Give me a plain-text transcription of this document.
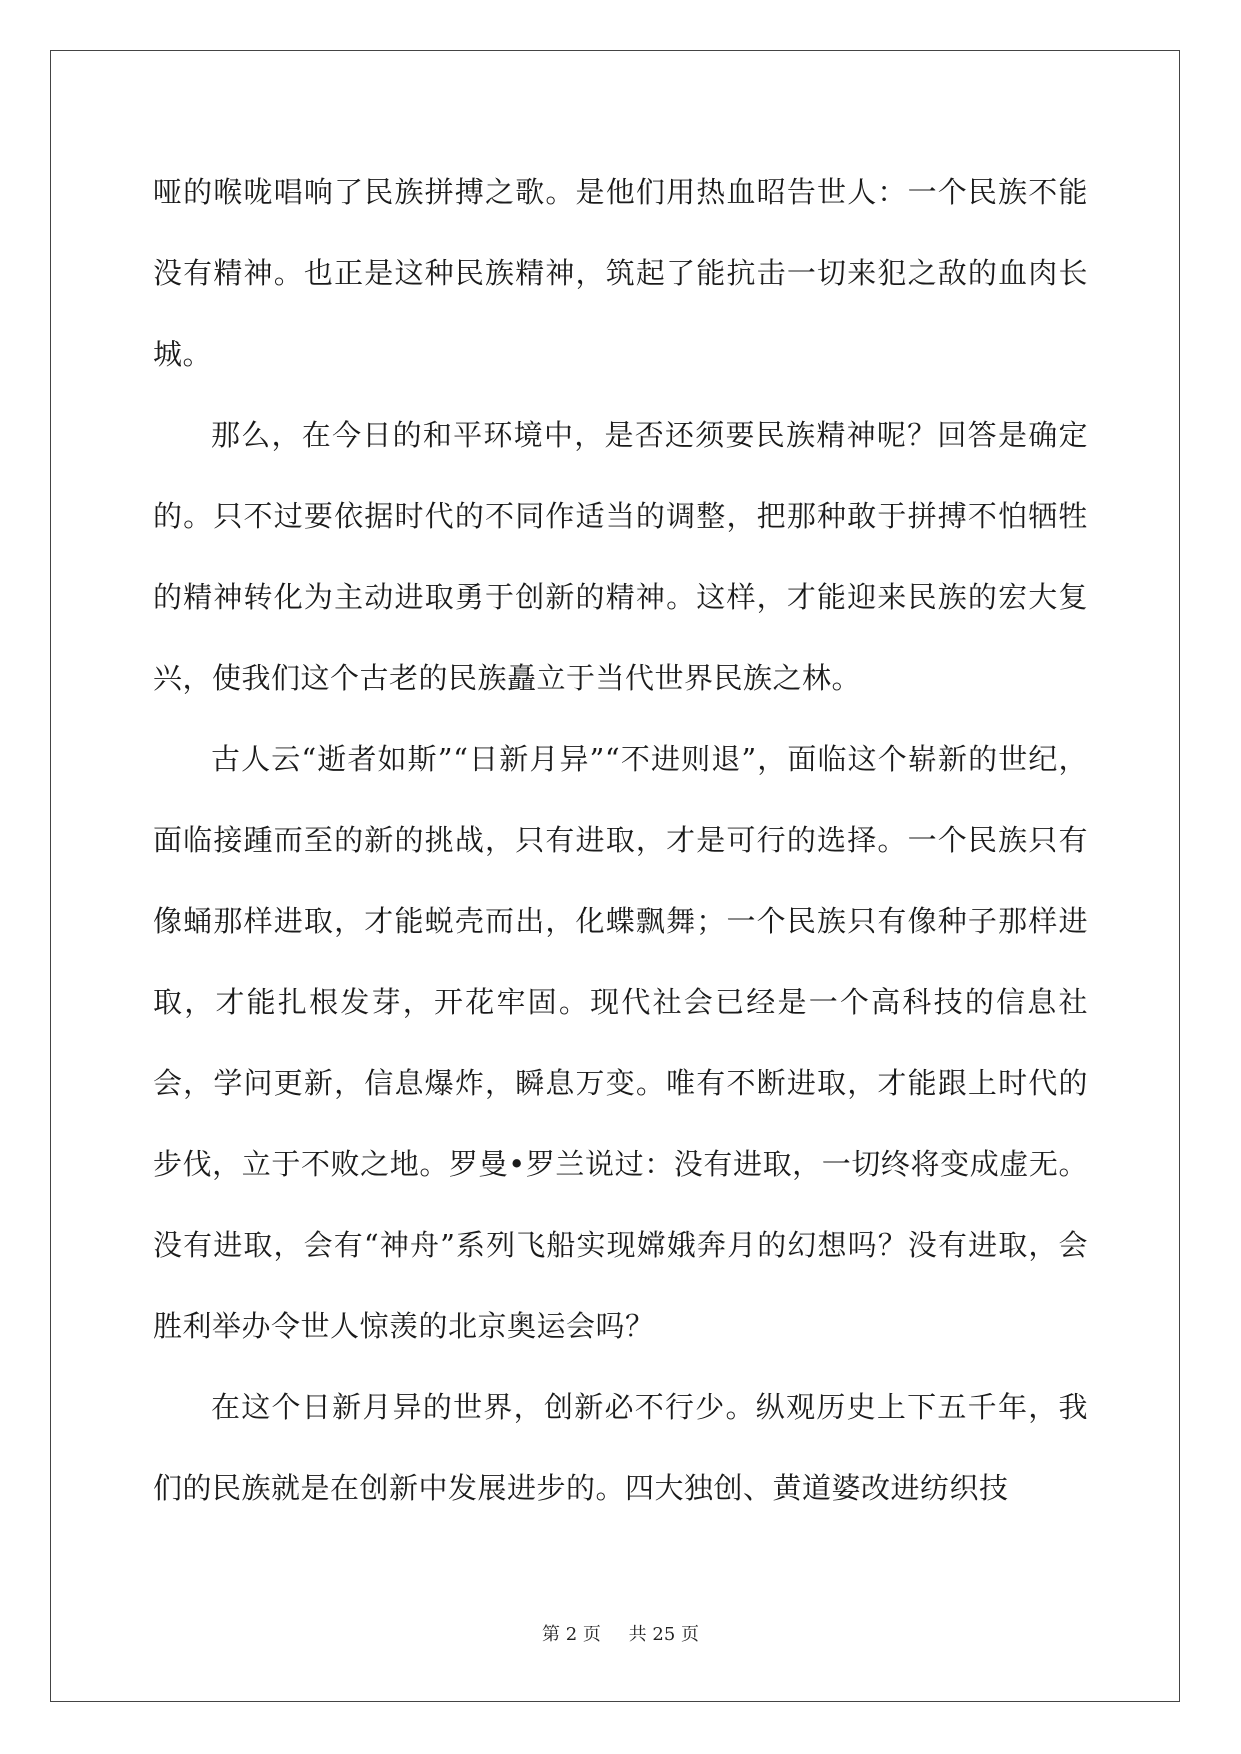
哑的喉咙唱响了民族拼搏之歌。是他们用热血昭告世人：一个民族不能没有精神。也正是这种民族精神，筑起了能抗击一切来犯之敌的血肉长城。

那么，在今日的和平环境中，是否还须要民族精神呢？回答是确定的。只不过要依据时代的不同作适当的调整，把那种敢于拼搏不怕牺牲的精神转化为主动进取勇于创新的精神。这样，才能迎来民族的宏大复兴，使我们这个古老的民族矗立于当代世界民族之林。

古人云“逝者如斯”“日新月异”“不进则退”，面临这个崭新的世纪，面临接踵而至的新的挑战，只有进取，才是可行的选择。一个民族只有像蛹那样进取，才能蜕壳而出，化蝶飘舞；一个民族只有像种子那样进取，才能扎根发芽，开花牢固。现代社会已经是一个高科技的信息社会，学问更新，信息爆炸，瞬息万变。唯有不断进取，才能跟上时代的步伐，立于不败之地。罗曼•罗兰说过：没有进取，一切终将变成虚无。没有进取，会有“神舟”系列飞船实现嫦娥奔月的幻想吗？没有进取，会胜利举办令世人惊羡的北京奥运会吗？

在这个日新月异的世界，创新必不行少。纵观历史上下五千年，我们的民族就是在创新中发展进步的。四大独创、黄道婆改进纺织技

第 2 页 共 25 页
